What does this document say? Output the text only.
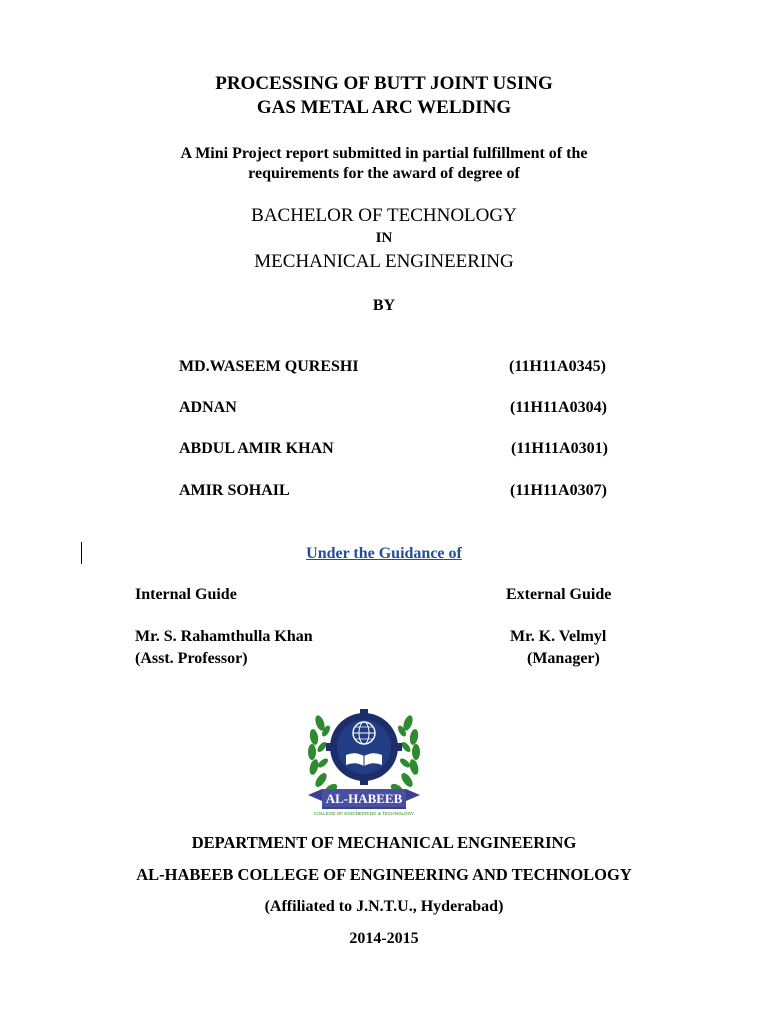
PROCESSING OF BUTT JOINT USING
GAS METAL ARC WELDING
A Mini Project report submitted in partial fulfillment of the
requirements for the award of degree of
BACHELOR OF TECHNOLOGY
IN
MECHANICAL ENGINEERING
BY
MD.WASEEM QURESHI	(11H11A0345)
ADNAN	(11H11A0304)
ABDUL AMIR KHAN	(11H11A0301)
AMIR SOHAIL	(11H11A0307)
Under the Guidance of
Internal Guide	External Guide
Mr. S. Rahamthulla Khan	Mr. K. Velmyl
(Asst. Professor)	(Manager)
AL-HABEEB
COLLEGE OF ENGINEERING & TECHNOLOGY
DEPARTMENT OF MECHANICAL ENGINEERING
AL-HABEEB COLLEGE OF ENGINEERING AND TECHNOLOGY
(Affiliated to J.N.T.U., Hyderabad)
2014-2015
